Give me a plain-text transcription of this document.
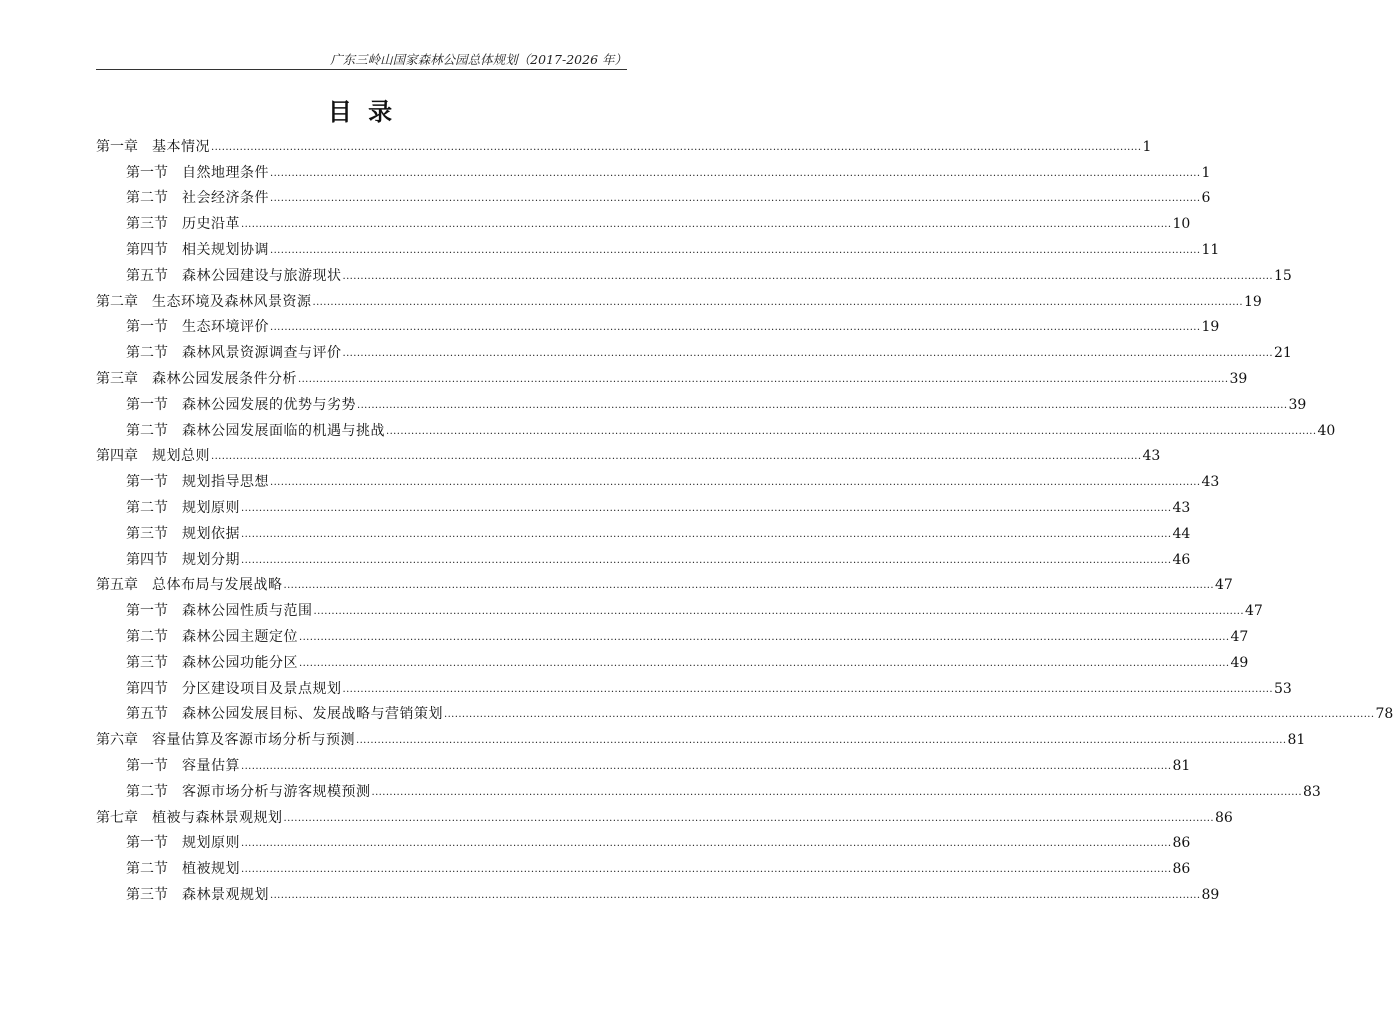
广东三岭山国家森林公园总体规划（2017-2026 年）
目 录
第一章 基本情况 .................................................................................................................................................................................................................................................................... 1
第一节 自然地理条件 .................................................................................................................................................................................................................................................................... 1
第二节 社会经济条件 .................................................................................................................................................................................................................................................................... 6
第三节 历史沿革 .................................................................................................................................................................................................................................................................... 10
第四节 相关规划协调 .................................................................................................................................................................................................................................................................... 11
第五节 森林公园建设与旅游现状 .................................................................................................................................................................................................................................................................... 15
第二章 生态环境及森林风景资源 .................................................................................................................................................................................................................................................................... 19
第一节 生态环境评价 .................................................................................................................................................................................................................................................................... 19
第二节 森林风景资源调查与评价 .................................................................................................................................................................................................................................................................... 21
第三章 森林公园发展条件分析 .................................................................................................................................................................................................................................................................... 39
第一节 森林公园发展的优势与劣势 .................................................................................................................................................................................................................................................................... 39
第二节 森林公园发展面临的机遇与挑战 .................................................................................................................................................................................................................................................................... 40
第四章 规划总则 .................................................................................................................................................................................................................................................................... 43
第一节 规划指导思想 .................................................................................................................................................................................................................................................................... 43
第二节 规划原则 .................................................................................................................................................................................................................................................................... 43
第三节 规划依据 .................................................................................................................................................................................................................................................................... 44
第四节 规划分期 .................................................................................................................................................................................................................................................................... 46
第五章 总体布局与发展战略 .................................................................................................................................................................................................................................................................... 47
第一节 森林公园性质与范围 .................................................................................................................................................................................................................................................................... 47
第二节 森林公园主题定位 .................................................................................................................................................................................................................................................................... 47
第三节 森林公园功能分区 .................................................................................................................................................................................................................................................................... 49
第四节 分区建设项目及景点规划 .................................................................................................................................................................................................................................................................... 53
第五节 森林公园发展目标、发展战略与营销策划 .................................................................................................................................................................................................................................................................... 78
第六章 容量估算及客源市场分析与预测 .................................................................................................................................................................................................................................................................... 81
第一节 容量估算 .................................................................................................................................................................................................................................................................... 81
第二节 客源市场分析与游客规模预测 .................................................................................................................................................................................................................................................................... 83
第七章 植被与森林景观规划 .................................................................................................................................................................................................................................................................... 86
第一节 规划原则 .................................................................................................................................................................................................................................................................... 86
第二节 植被规划 .................................................................................................................................................................................................................................................................... 86
第三节 森林景观规划 .................................................................................................................................................................................................................................................................... 89
